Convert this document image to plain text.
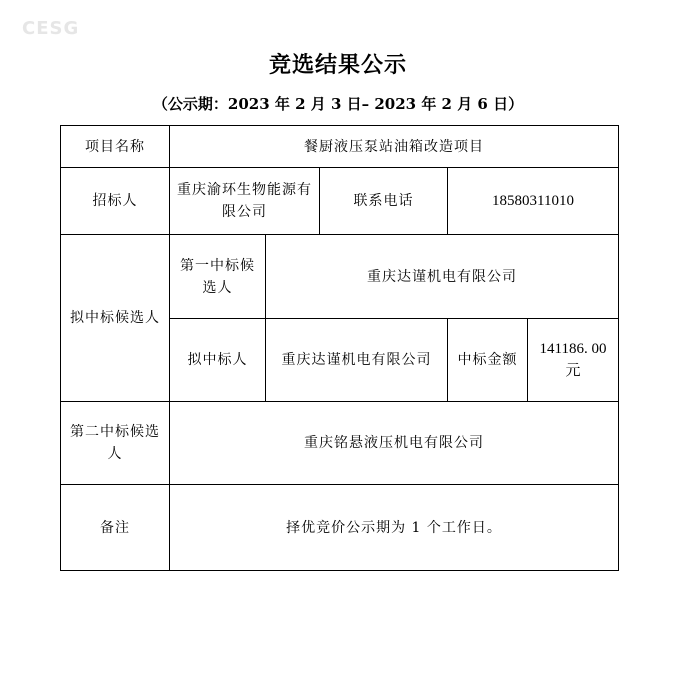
CESG
竞选结果公示
（公示期：2023 年 2 月 3 日– 2023 年 2 月 6 日）
项目名称	餐厨液压泵站油箱改造项目				
招标人	重庆渝环生物能源有限公司		联系电话	18580311010	
拟中标候选人	第一中标候选人	重庆达谨机电有限公司			
	拟中标人	重庆达谨机电有限公司		中标金额	141186. 00 元
第二中标候选人	重庆铭悬液压机电有限公司				
备注	择优竞价公示期为 1 个工作日。				
